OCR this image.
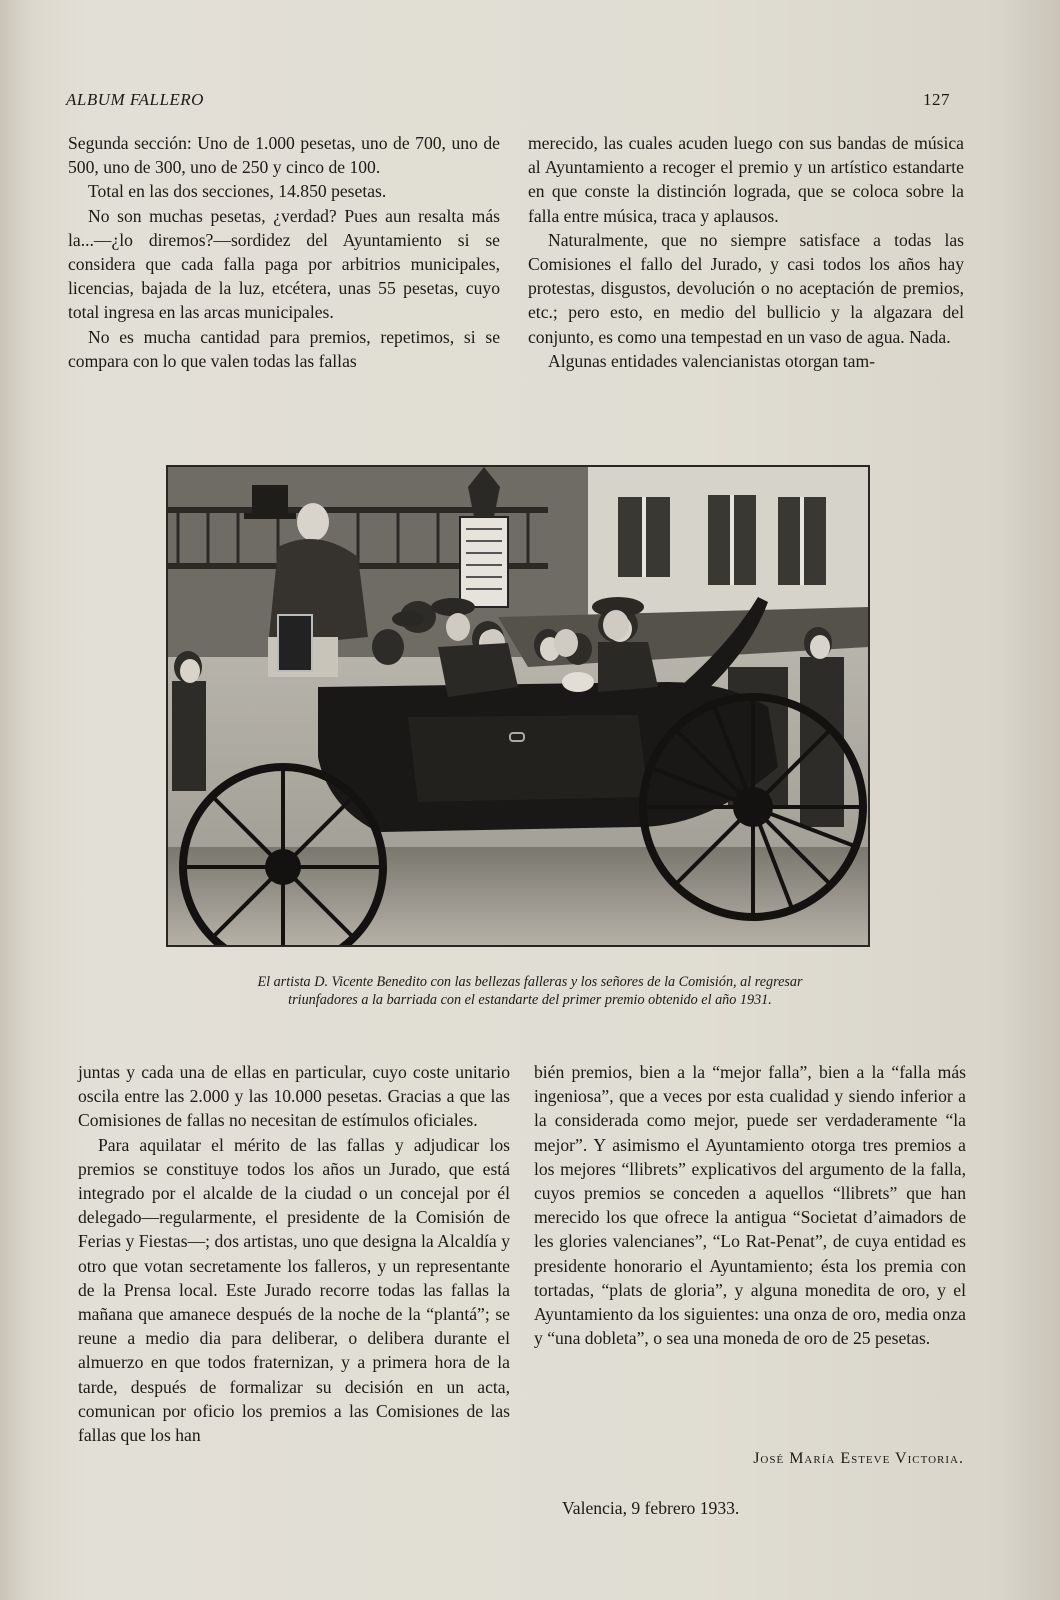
ALBUM FALLERO	127

Segunda sección: Uno de 1.000 pesetas, uno de 700, uno de 500, uno de 300, uno de 250 y cinco de 100.

Total en las dos secciones, 14.850 pesetas.

No son muchas pesetas, ¿verdad? Pues aun resalta más la...—¿lo diremos?—sordidez del Ayuntamiento si se considera que cada falla paga por arbitrios municipales, licencias, bajada de la luz, etcétera, unas 55 pesetas, cuyo total ingresa en las arcas municipales.

No es mucha cantidad para premios, repetimos, si se compara con lo que valen todas las fallas

merecido, las cuales acuden luego con sus bandas de música al Ayuntamiento a recoger el premio y un artístico estandarte en que conste la distinción lograda, que se coloca sobre la falla entre música, traca y aplausos.

Naturalmente, que no siempre satisface a todas las Comisiones el fallo del Jurado, y casi todos los años hay protestas, disgustos, devolución o no aceptación de premios, etc.; pero esto, en medio del bullicio y la algazara del conjunto, es como una tempestad en un vaso de agua. Nada.

Algunas entidades valencianistas otorgan tam-

El artista D. Vicente Benedito con las bellezas falleras y los señores de la Comisión, al regresar
triunfadores a la barriada con el estandarte del primer premio obtenido el año 1931.

juntas y cada una de ellas en particular, cuyo coste unitario oscila entre las 2.000 y las 10.000 pesetas. Gracias a que las Comisiones de fallas no necesitan de estímulos oficiales.

Para aquilatar el mérito de las fallas y adjudicar los premios se constituye todos los años un Jurado, que está integrado por el alcalde de la ciudad o un concejal por él delegado—regularmente, el presidente de la Comisión de Ferias y Fiestas—; dos artistas, uno que designa la Alcaldía y otro que votan secretamente los falleros, y un representante de la Prensa local. Este Jurado recorre todas las fallas la mañana que amanece después de la noche de la “plantá”; se reune a medio dia para deliberar, o delibera durante el almuerzo en que todos fraternizan, y a primera hora de la tarde, después de formalizar su decisión en un acta, comunican por oficio los premios a las Comisiones de las fallas que los han

bién premios, bien a la “mejor falla”, bien a la “falla más ingeniosa”, que a veces por esta cualidad y siendo inferior a la considerada como mejor, puede ser verdaderamente “la mejor”. Y asimismo el Ayuntamiento otorga tres premios a los mejores “llibrets” explicativos del argumento de la falla, cuyos premios se conceden a aquellos “llibrets” que han merecido los que ofrece la antigua “Societat d’aimadors de les glories valencianes”, “Lo Rat-Penat”, de cuya entidad es presidente honorario el Ayuntamiento; ésta los premia con tortadas, “plats de gloria”, y alguna monedita de oro, y el Ayuntamiento da los siguientes: una onza de oro, media onza y “una dobleta”, o sea una moneda de oro de 25 pesetas.

José María Esteve Victoria.
Valencia, 9 febrero 1933.
